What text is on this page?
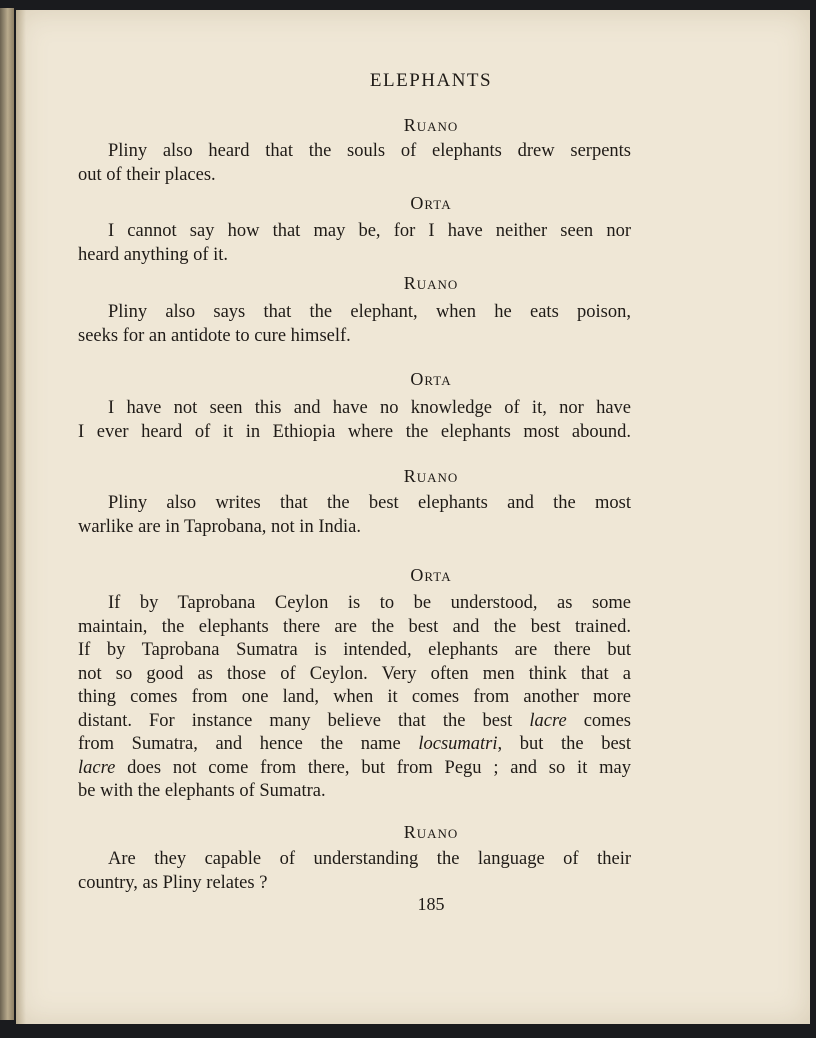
ELEPHANTS
Ruano
Pliny also heard that the souls of elephants drew serpents
out of their places.
Orta
I cannot say how that may be, for I have neither seen nor
heard anything of it.
Ruano
Pliny also says that the elephant, when he eats poison,
seeks for an antidote to cure himself.
Orta
I have not seen this and have no knowledge of it, nor have
I ever heard of it in Ethiopia where the elephants most abound.
Ruano
Pliny also writes that the best elephants and the most
warlike are in Taprobana, not in India.
Orta
If by Taprobana Ceylon is to be understood, as some
maintain, the elephants there are the best and the best trained.
If by Taprobana Sumatra is intended, elephants are there but
not so good as those of Ceylon. Very often men think that a
thing comes from one land, when it comes from another more
distant. For instance many believe that the best lacre comes
from Sumatra, and hence the name locsumatri, but the best
lacre does not come from there, but from Pegu ; and so it may
be with the elephants of Sumatra.
Ruano
Are they capable of understanding the language of their
country, as Pliny relates ?
185
